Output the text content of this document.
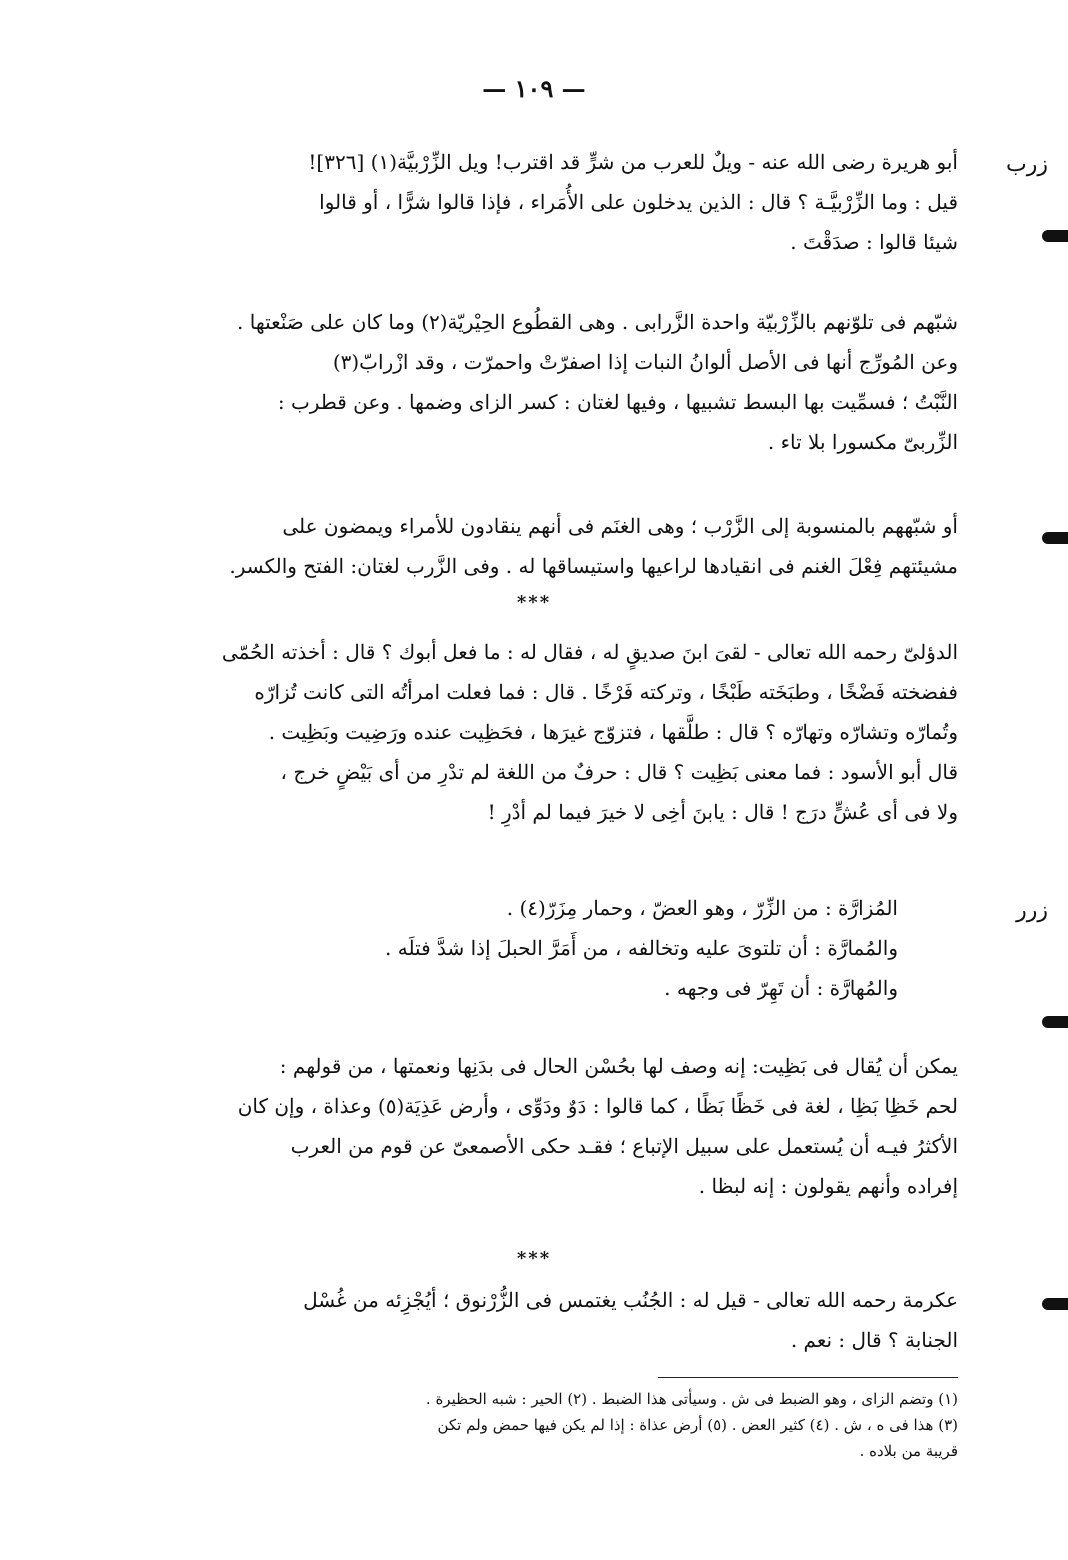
— ١٠٩ —
زرب
زرر
أبو هريرة رضى الله عنه - ويلٌ للعرب من شرٍّ قد اقترب! ويل الزِّرْبيَّة(١) [٣٢٦]!
قيل : وما الزِّرْبيَّـة ؟ قال : الذين يدخلون على الأُمَراء ، فإذا قالوا شرًّا ، أو قالوا
شيئا قالوا : صدَقْتَ .
شبّهم فى تلوّنهم بالزِّرْبيّة واحدة الزَّرابى . وهى القطُوع الحِيْريّة(٢) وما كان على صَنْعتها .
وعن المُورِّج أنها فى الأصل ألوانُ النبات إذا اصفرّتْ واحمرّت ، وقد ازْرابّ(٣)
النَّبْتُ ؛ فسمِّيت بها البسط تشبيها ، وفيها لغتان : كسر الزاى وضمها . وعن قطرب :
الزِّربىّ مكسورا بلا تاء .
أو شبّههم بالمنسوبة إلى الزَّرْب ؛ وهى الغنَم فى أنهم ينقادون للأمراء ويمضون على
مشيئتهم فِعْلَ الغنم فى انقيادها لراعيها واستيساقها له . وفى الزَّرب لغتان: الفتح والكسر.
***
الدؤلىّ رحمه الله تعالى - لقىَ ابنَ صديقٍ له ، فقال له : ما فعل أبوك ؟ قال : أخذته الحُمّى
ففضخته فَضْخًا ، وطبَخَته طَبْخًا ، وتركته فَرْخًا . قال : فما فعلت امرأتُه التى كانت تُزارّه
وتُمارّه وتشارّه وتهارّه ؟ قال : طلَّقها ، فتزوّج غيرَها ، فحَظِيت عنده ورَضِيت وبَظِيت .
قال أبو الأسود : فما معنى بَظِيت ؟ قال : حرفٌ من اللغة لم تدْرِ من أى بَيْضٍ خرج ،
ولا فى أى عُشٍّ درَج ! قال : يابنَ أخِى لا خيرَ فيما لم أدْرِ !
المُزارَّة : من الزِّرّ ، وهو العضّ ، وحمار مِزَرّ(٤) .
والمُمارَّة : أن تلتوىَ عليه وتخالفه ، من أَمَرَّ الحبلَ إذا شدَّ فتلَه .
والمُهارَّة : أن تَهِرّ فى وجهه .
يمكن أن يُقال فى بَظِيت: إنه وصف لها بحُسْن الحال فى بدَنِها ونعمتها ، من قولهم :
لحم خَظِا بَظِا ، لغة فى خَظًا بَظًا ، كما قالوا : دَوٌ ودَوِّى ، وأرض عَذِيَة(٥) وعذاة ، وإن كان
الأكثرُ فيـه أن يُستعمل على سبيل الإتباع ؛ فقـد حكى الأصمعىّ عن قوم من العرب
إفراده وأنهم يقولون : إنه لبظا .
***
عكرمة رحمه الله تعالى - قيل له : الجُنُب يغتمس فى الزُّرْنوق ؛ أيُجْزِئه من غُسْل
الجنابة ؟ قال : نعم .
(١) وتضم الزاى ، وهو الضبط فى ش . وسيأتى هذا الضبط . (٢) الحير : شبه الحظيرة .
(٣) هذا فى ه ، ش . (٤) كثير العض . (٥) أرض عذاة : إذا لم يكن فيها حمض ولم تكن
قريبة من بلاده .
